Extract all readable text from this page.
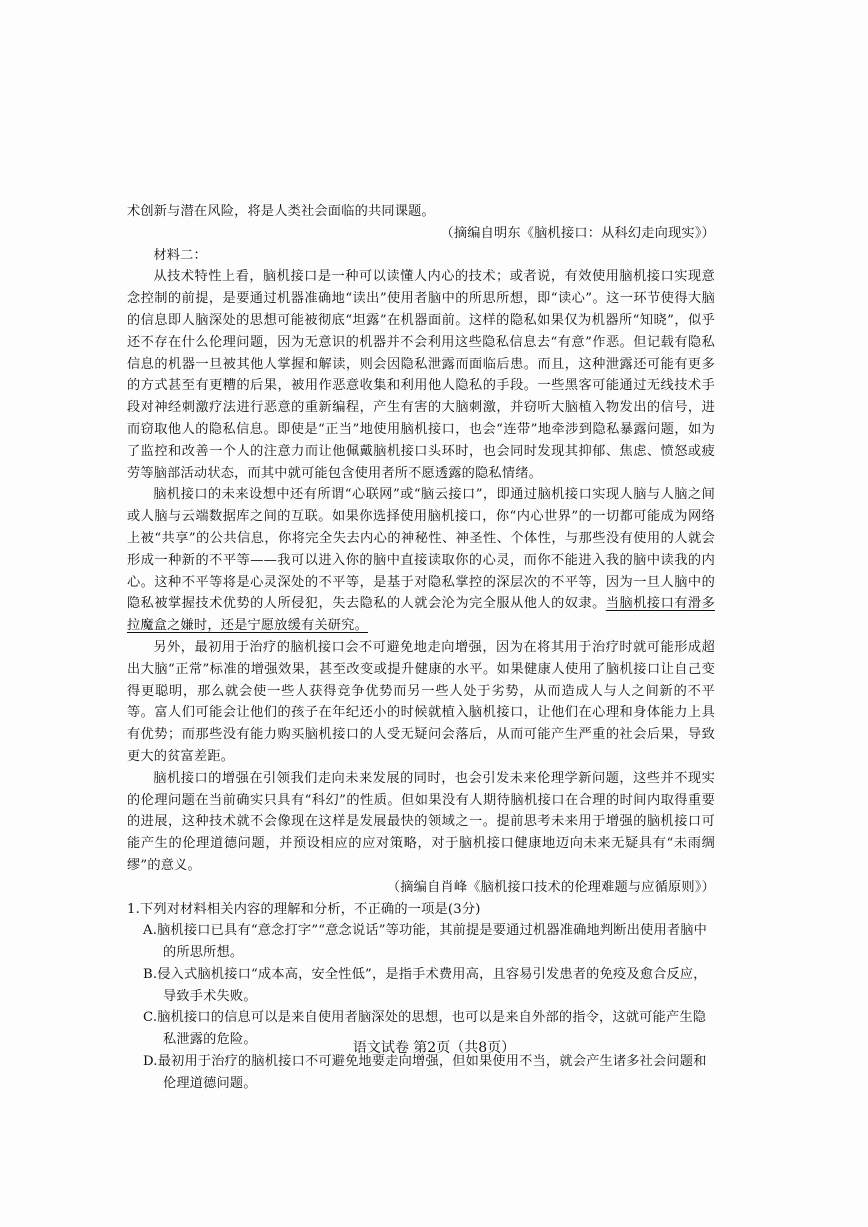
术创新与潜在风险，将是人类社会面临的共同课题。

（摘编自明东《脑机接口：从科幻走向现实》）

材料二：

从技术特性上看，脑机接口是一种可以读懂人内心的技术；或者说，有效使用脑机接口实现意念控制的前提，是要通过机器准确地“读出”使用者脑中的所思所想，即“读心”。这一环节使得大脑的信息即人脑深处的思想可能被彻底“坦露”在机器面前。这样的隐私如果仅为机器所“知晓”，似乎还不存在什么伦理问题，因为无意识的机器并不会利用这些隐私信息去“有意”作恶。但记载有隐私信息的机器一旦被其他人掌握和解读，则会因隐私泄露而面临后患。而且，这种泄露还可能有更多的方式甚至有更糟的后果，被用作恶意收集和利用他人隐私的手段。一些黑客可能通过无线技术手段对神经刺激疗法进行恶意的重新编程，产生有害的大脑刺激，并窃听大脑植入物发出的信号，进而窃取他人的隐私信息。即使是“正当”地使用脑机接口，也会“连带”地牵涉到隐私暴露问题，如为了监控和改善一个人的注意力而让他佩戴脑机接口头环时，也会同时发现其抑郁、焦虑、愤怒或疲劳等脑部活动状态，而其中就可能包含使用者所不愿透露的隐私情绪。

脑机接口的未来设想中还有所谓“心联网”或“脑云接口”，即通过脑机接口实现人脑与人脑之间或人脑与云端数据库之间的互联。如果你选择使用脑机接口，你“内心世界”的一切都可能成为网络上被“共享”的公共信息，你将完全失去内心的神秘性、神圣性、个体性，与那些没有使用的人就会形成一种新的不平等——我可以进入你的脑中直接读取你的心灵，而你不能进入我的脑中读我的内心。这种不平等将是心灵深处的不平等，是基于对隐私掌控的深层次的不平等，因为一旦人脑中的隐私被掌握技术优势的人所侵犯，失去隐私的人就会沦为完全服从他人的奴隶。当脑机接口有滑多拉魔盒之嫌时，还是宁愿放缓有关研究。

另外，最初用于治疗的脑机接口会不可避免地走向增强，因为在将其用于治疗时就可能形成超出大脑“正常”标准的增强效果，甚至改变或提升健康的水平。如果健康人使用了脑机接口让自己变得更聪明，那么就会使一些人获得竞争优势而另一些人处于劣势，从而造成人与人之间新的不平等。富人们可能会让他们的孩子在年纪还小的时候就植入脑机接口，让他们在心理和身体能力上具有优势；而那些没有能力购买脑机接口的人受无疑问会落后，从而可能产生严重的社会后果，导致更大的贫富差距。

脑机接口的增强在引领我们走向未来发展的同时，也会引发未来伦理学新问题，这些并不现实的伦理问题在当前确实只具有“科幻”的性质。但如果没有人期待脑机接口在合理的时间内取得重要的进展，这种技术就不会像现在这样是发展最快的领域之一。提前思考未来用于增强的脑机接口可能产生的伦理道德问题，并预设相应的应对策略，对于脑机接口健康地迈向未来无疑具有“未雨绸缪”的意义。

（摘编自肖峰《脑机接口技术的伦理难题与应循原则》）

1.下列对材料相关内容的理解和分析，不正确的一项是(3分)

A.脑机接口已具有“意念打字”“意念说话”等功能，其前提是要通过机器准确地判断出使用者脑中的所思所想。

B.侵入式脑机接口“成本高，安全性低”，是指手术费用高，且容易引发患者的免疫及愈合反应，导致手术失败。

C.脑机接口的信息可以是来自使用者脑深处的思想，也可以是来自外部的指令，这就可能产生隐私泄露的危险。

D.最初用于治疗的脑机接口不可避免地要走向增强，但如果使用不当，就会产生诸多社会问题和伦理道德问题。

语文试卷 第2页（共8页）
